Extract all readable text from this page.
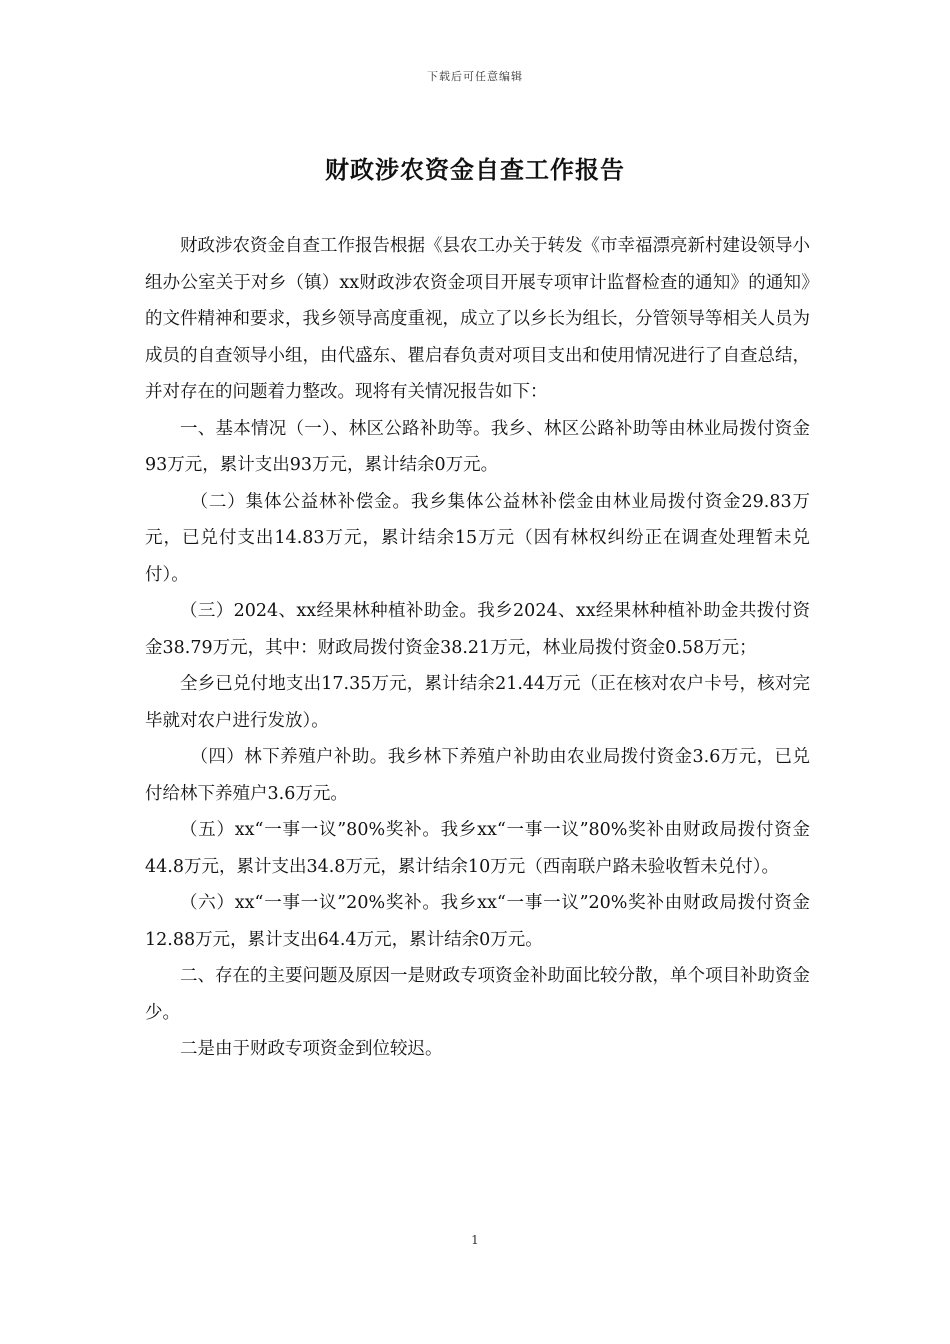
下载后可任意编辑
财政涉农资金自查工作报告

财政涉农资金自查工作报告根据《县农工办关于转发《市幸福漂亮新村建设领导小组办公室关于对乡（镇）xx财政涉农资金项目开展专项审计监督检查的通知》的通知》的文件精神和要求，我乡领导高度重视，成立了以乡长为组长，分管领导等相关人员为成员的自查领导小组，由代盛东、瞿启春负责对项目支出和使用情况进行了自查总结，并对存在的问题着力整改。现将有关情况报告如下：

一、基本情况（一）、林区公路补助等。我乡、林区公路补助等由林业局拨付资金93万元，累计支出93万元，累计结余0万元。

（二）集体公益林补偿金。我乡集体公益林补偿金由林业局拨付资金29.83万元，已兑付支出14.83万元，累计结余15万元（因有林权纠纷正在调查处理暂未兑付）。

（三）2024、xx经果林种植补助金。我乡2024、xx经果林种植补助金共拨付资金38.79万元，其中：财政局拨付资金38.21万元，林业局拨付资金0.58万元；

全乡已兑付地支出17.35万元，累计结余21.44万元（正在核对农户卡号，核对完毕就对农户进行发放）。

（四）林下养殖户补助。我乡林下养殖户补助由农业局拨付资金3.6万元，已兑付给林下养殖户3.6万元。

（五）xx“一事一议”80%奖补。我乡xx“一事一议”80%奖补由财政局拨付资金44.8万元，累计支出34.8万元，累计结余10万元（西南联户路未验收暂未兑付）。

（六）xx“一事一议”20%奖补。我乡xx“一事一议”20%奖补由财政局拨付资金12.88万元，累计支出64.4万元，累计结余0万元。

二、存在的主要问题及原因一是财政专项资金补助面比较分散，单个项目补助资金少。

二是由于财政专项资金到位较迟。

1
